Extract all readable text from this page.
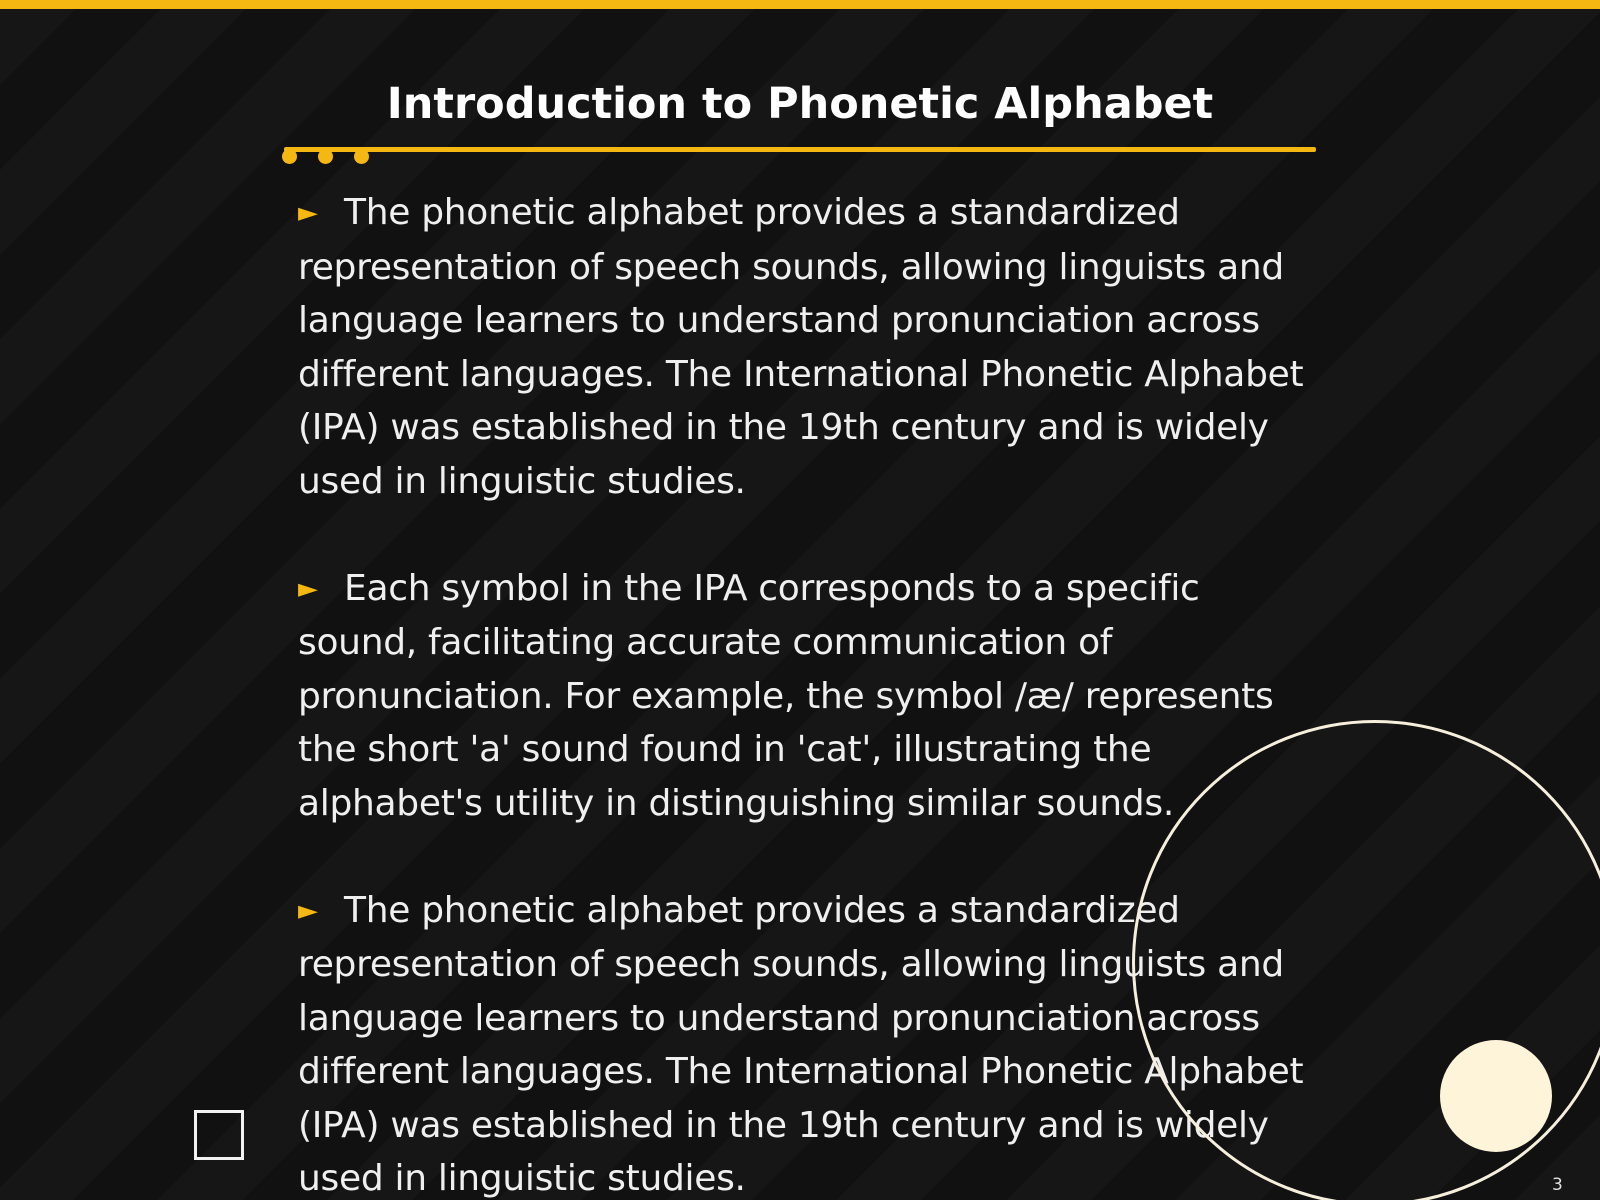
Introduction to Phonetic Alphabet

► The phonetic alphabet provides a standardized representation of speech sounds, allowing linguists and language learners to understand pronunciation across different languages. The International Phonetic Alphabet (IPA) was established in the 19th century and is widely used in linguistic studies.

► Each symbol in the IPA corresponds to a specific sound, facilitating accurate communication of pronunciation. For example, the symbol /æ/ represents the short 'a' sound found in 'cat', illustrating the alphabet's utility in distinguishing similar sounds.

► The phonetic alphabet provides a standardized representation of speech sounds, allowing linguists and language learners to understand pronunciation across different languages. The International Phonetic Alphabet (IPA) was established in the 19th century and is widely used in linguistic studies.	3
